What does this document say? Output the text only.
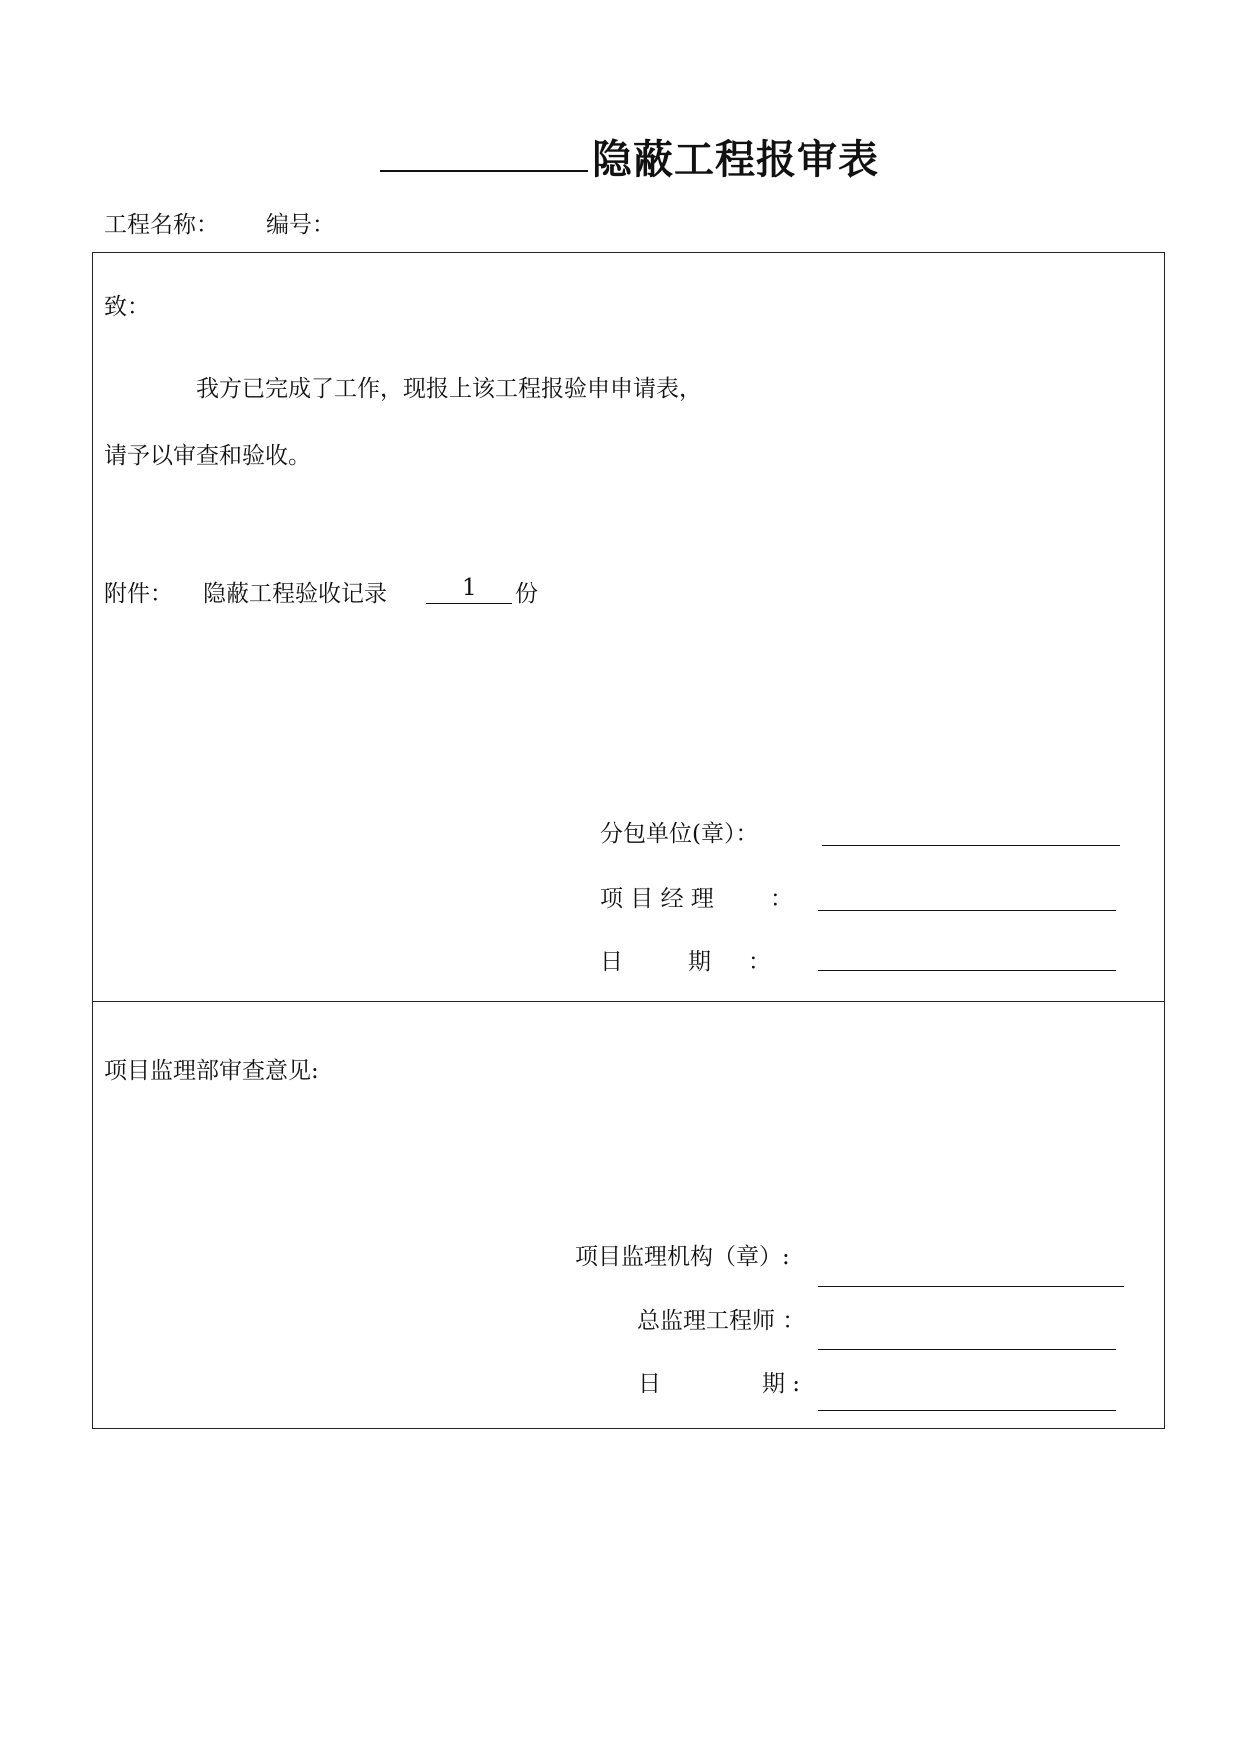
隐蔽工程报审表
工程名称： 编号：
致：
我方已完成了工作，现报上该工程报验申申请表，
请予以审查和验收。
附件： 隐蔽工程验收记录	1 份
分包单位(章）：
项 目 经 理 ：
日	期 ：
项目监理部审查意见:
项目监理机构（章）:
总监理工程师 ：
日	期 :
